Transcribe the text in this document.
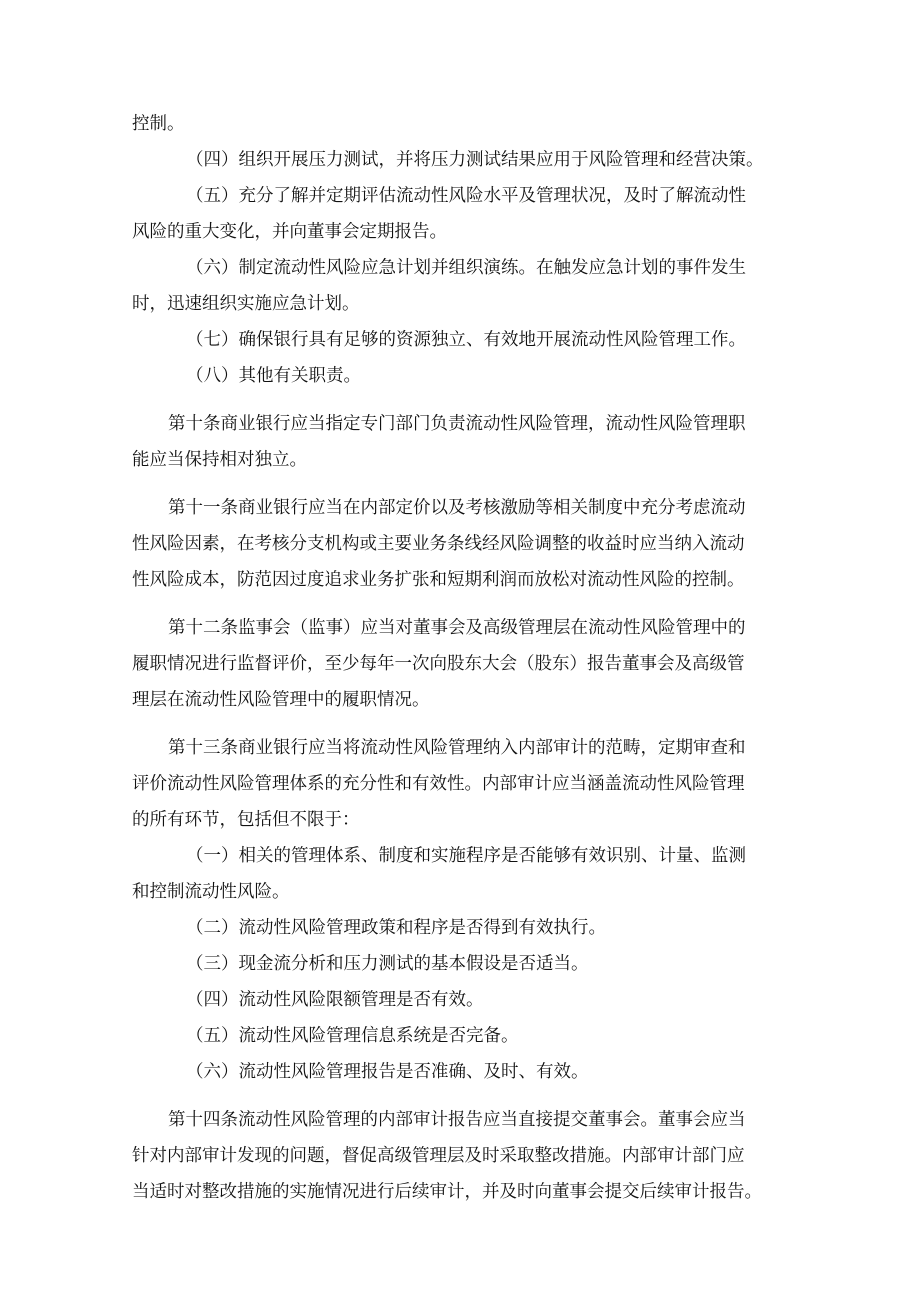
控制。
（四）组织开展压力测试，并将压力测试结果应用于风险管理和经营决策。
（五）充分了解并定期评估流动性风险水平及管理状况，及时了解流动性
风险的重大变化，并向董事会定期报告。
（六）制定流动性风险应急计划并组织演练。在触发应急计划的事件发生
时，迅速组织实施应急计划。
（七）确保银行具有足够的资源独立、有效地开展流动性风险管理工作。
（八）其他有关职责。
第十条商业银行应当指定专门部门负责流动性风险管理，流动性风险管理职
能应当保持相对独立。
第十一条商业银行应当在内部定价以及考核激励等相关制度中充分考虑流动
性风险因素，在考核分支机构或主要业务条线经风险调整的收益时应当纳入流动
性风险成本，防范因过度追求业务扩张和短期利润而放松对流动性风险的控制。
第十二条监事会（监事）应当对董事会及高级管理层在流动性风险管理中的
履职情况进行监督评价，至少每年一次向股东大会（股东）报告董事会及高级管
理层在流动性风险管理中的履职情况。
第十三条商业银行应当将流动性风险管理纳入内部审计的范畴，定期审查和
评价流动性风险管理体系的充分性和有效性。内部审计应当涵盖流动性风险管理
的所有环节，包括但不限于：
（一）相关的管理体系、制度和实施程序是否能够有效识别、计量、监测
和控制流动性风险。
（二）流动性风险管理政策和程序是否得到有效执行。
（三）现金流分析和压力测试的基本假设是否适当。
（四）流动性风险限额管理是否有效。
（五）流动性风险管理信息系统是否完备。
（六）流动性风险管理报告是否准确、及时、有效。
第十四条流动性风险管理的内部审计报告应当直接提交董事会。董事会应当
针对内部审计发现的问题，督促高级管理层及时采取整改措施。内部审计部门应
当适时对整改措施的实施情况进行后续审计，并及时向董事会提交后续审计报告。
